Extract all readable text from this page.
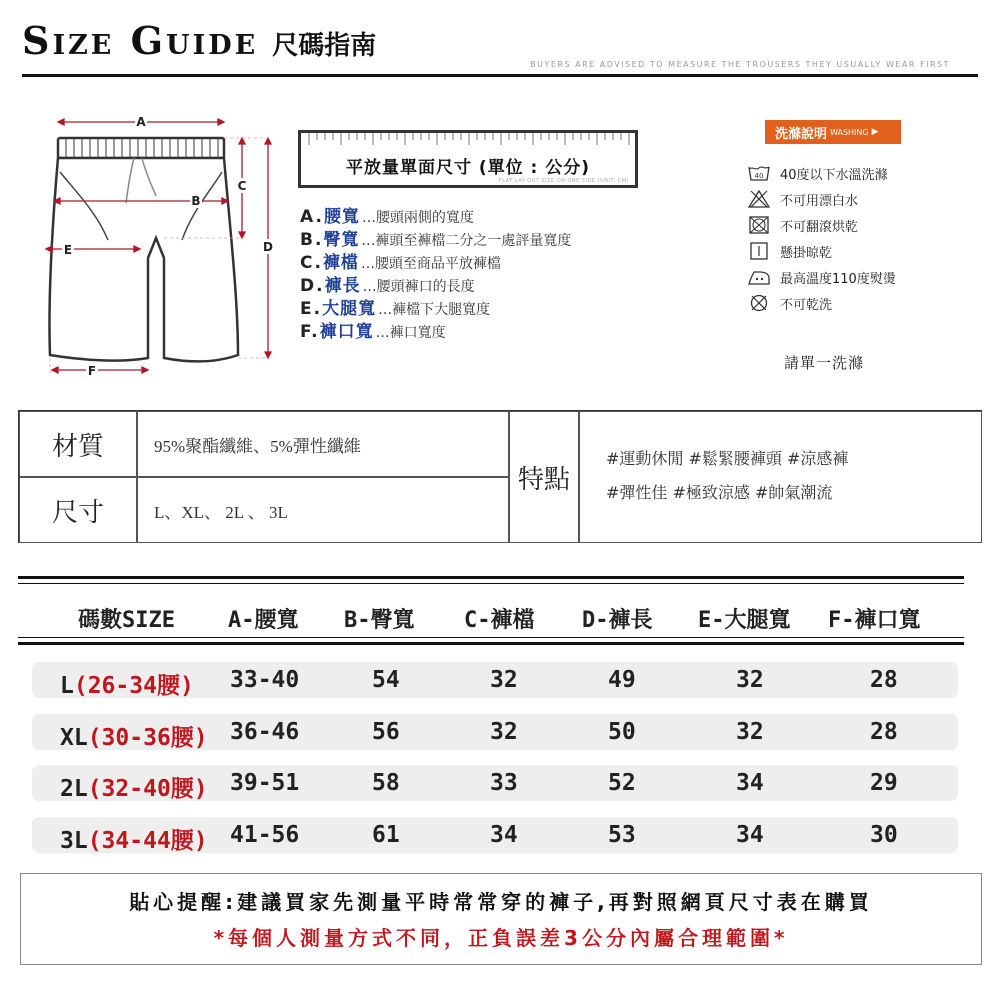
Size Guide 尺碼指南
BUYERS ARE ADVISED TO MEASURE THE TROUSERS THEY USUALLY WEAR FIRST
A
B
C
D
E
F
平放量單面尺寸 (單位 : 公分)
FLAT LAY-OUT SIZE ON ONE SIDE (UNIT: CM)
A. 腰寬 …腰頭兩側的寬度
B. 臀寬 …褲頭至褲檔二分之一處評量寬度
C. 褲檔 …腰頭至商品平放褲檔
D. 褲長 …腰頭褲口的長度
E. 大腿寬 …褲檔下大腿寬度
F. 褲口寬 …褲口寬度
洗滌說明 WASHING ▶
40 40度以下水溫洗滌
不可用漂白水
不可翻滾烘乾
懸掛晾乾
最高溫度110度熨燙
不可乾洗
請單一洗滌
材質	95%聚酯纖維、5%彈性纖維
尺寸	L、XL、 2L 、 3L
特點
#運動休閒 #鬆緊腰褲頭 #涼感褲
#彈性佳 #極致涼感 #帥氣潮流
碼數SIZE A-腰寬 B-臀寬 C-褲檔 D-褲長 E-大腿寬 F-褲口寬
L(26-34腰) 33-40	54	32	49	32	28
XL(30-36腰) 36-46	56	32	50	32	28
2L(32-40腰) 39-51	58	33	52	34	29
3L(34-44腰) 41-56	61	34	53	34	30
貼心提醒:建議買家先測量平時常常穿的褲子,再對照網頁尺寸表在購買
*每個人測量方式不同，正負誤差3公分內屬合理範圍*
